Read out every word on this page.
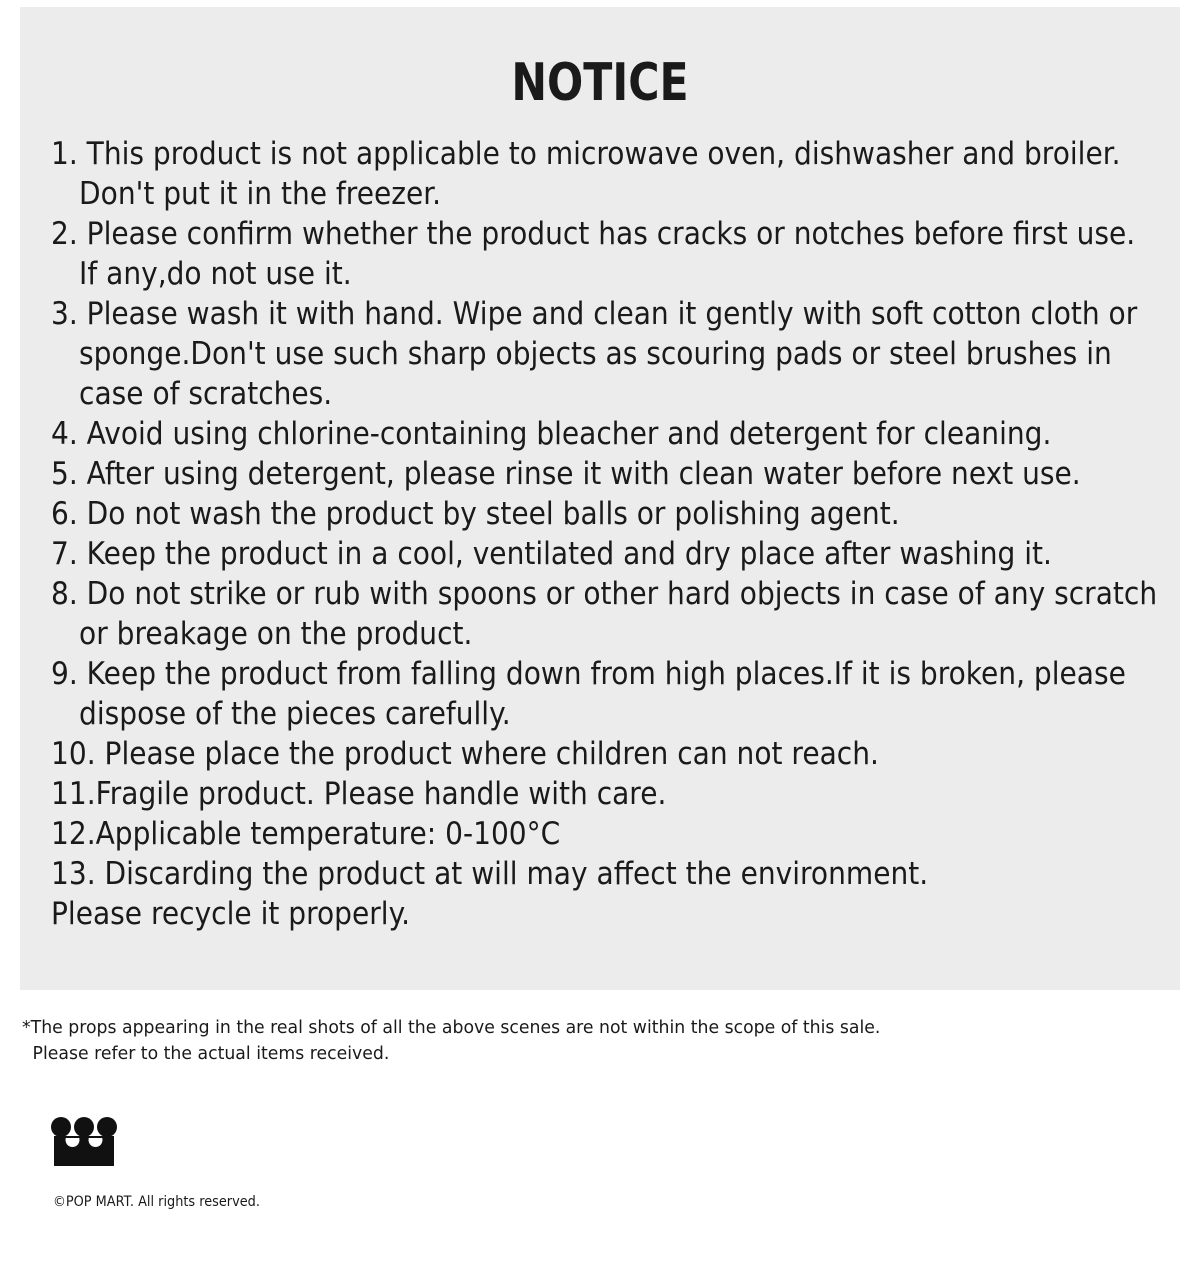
NOTICE
1. This product is not applicable to microwave oven, dishwasher and broiler.
Don't put it in the freezer.
2. Please confirm whether the product has cracks or notches before first use.
If any,do not use it.
3. Please wash it with hand. Wipe and clean it gently with soft cotton cloth or
sponge.Don't use such sharp objects as scouring pads or steel brushes in
case of scratches.
4. Avoid using chlorine-containing bleacher and detergent for cleaning.
5. After using detergent, please rinse it with clean water before next use.
6. Do not wash the product by steel balls or polishing agent.
7. Keep the product in a cool, ventilated and dry place after washing it.
8. Do not strike or rub with spoons or other hard objects in case of any scratch
or breakage on the product.
9. Keep the product from falling down from high places.If it is broken, please
dispose of the pieces carefully.
10. Please place the product where children can not reach.
11.Fragile product. Please handle with care.
12.Applicable temperature: 0-100°C
13. Discarding the product at will may affect the environment.
Please recycle it properly.
*The props appearing in the real shots of all the above scenes are not within the scope of this sale.
Please refer to the actual items received.
©POP MART. All rights reserved.
